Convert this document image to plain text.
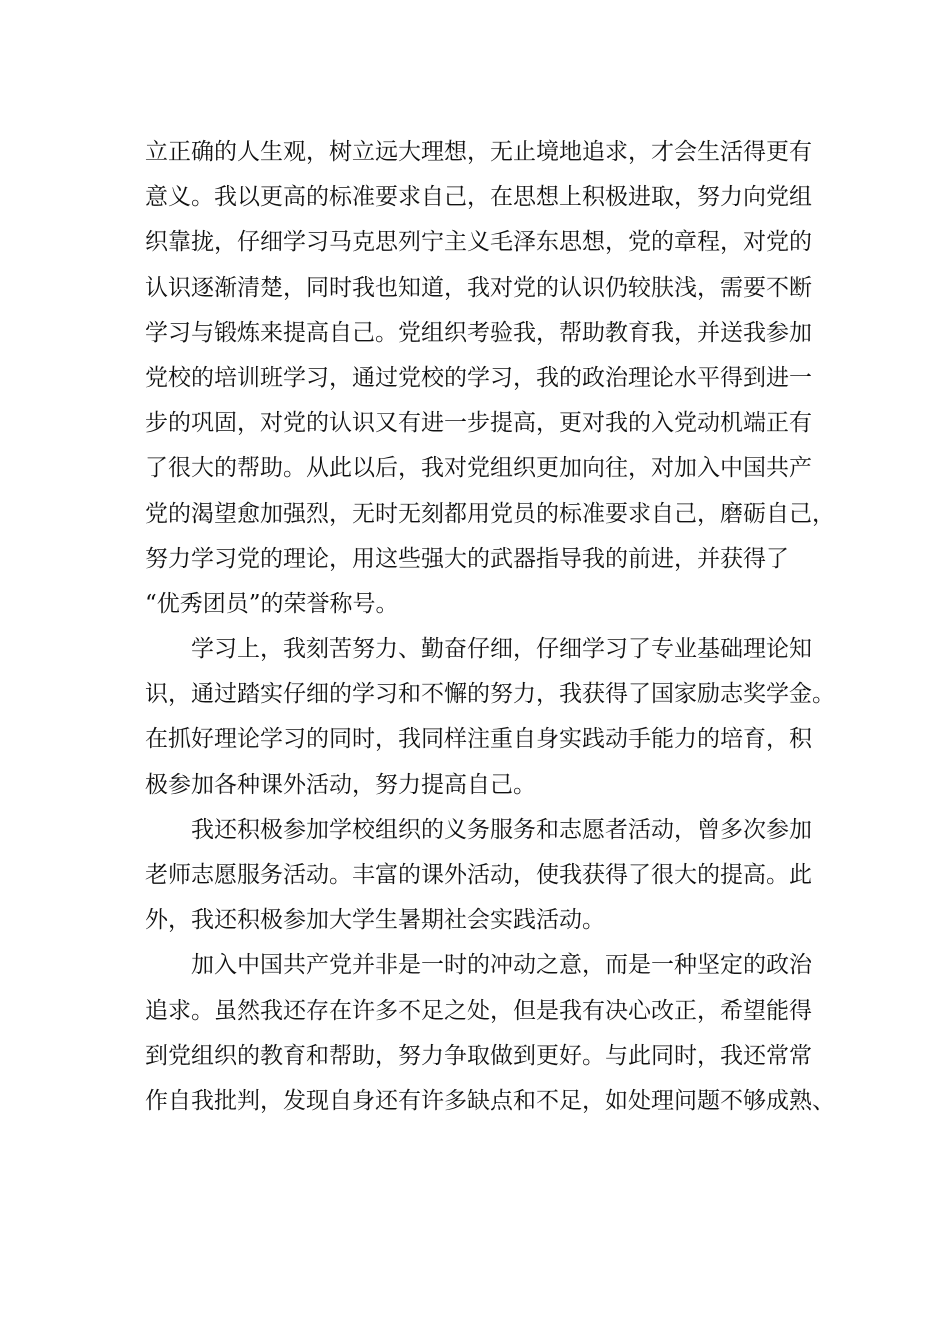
立正确的人生观，树立远大理想，无止境地追求，才会生活得更有
意义。我以更高的标准要求自己，在思想上积极进取，努力向党组
织靠拢，仔细学习马克思列宁主义毛泽东思想，党的章程，对党的
认识逐渐清楚，同时我也知道，我对党的认识仍较肤浅，需要不断
学习与锻炼来提高自己。党组织考验我，帮助教育我，并送我参加
党校的培训班学习，通过党校的学习，我的政治理论水平得到进一
步的巩固，对党的认识又有进一步提高，更对我的入党动机端正有
了很大的帮助。从此以后，我对党组织更加向往，对加入中国共产
党的渴望愈加强烈，无时无刻都用党员的标准要求自己，磨砺自己，
努力学习党的理论，用这些强大的武器指导我的前进，并获得了
“优秀团员”的荣誉称号。
学习上，我刻苦努力、勤奋仔细，仔细学习了专业基础理论知
识，通过踏实仔细的学习和不懈的努力，我获得了国家励志奖学金。
在抓好理论学习的同时，我同样注重自身实践动手能力的培育，积
极参加各种课外活动，努力提高自己。
我还积极参加学校组织的义务服务和志愿者活动，曾多次参加
老师志愿服务活动。丰富的课外活动，使我获得了很大的提高。此
外，我还积极参加大学生暑期社会实践活动。
加入中国共产党并非是一时的冲动之意，而是一种坚定的政治
追求。虽然我还存在许多不足之处，但是我有决心改正，希望能得
到党组织的教育和帮助，努力争取做到更好。与此同时，我还常常
作自我批判，发现自身还有许多缺点和不足，如处理问题不够成熟、
